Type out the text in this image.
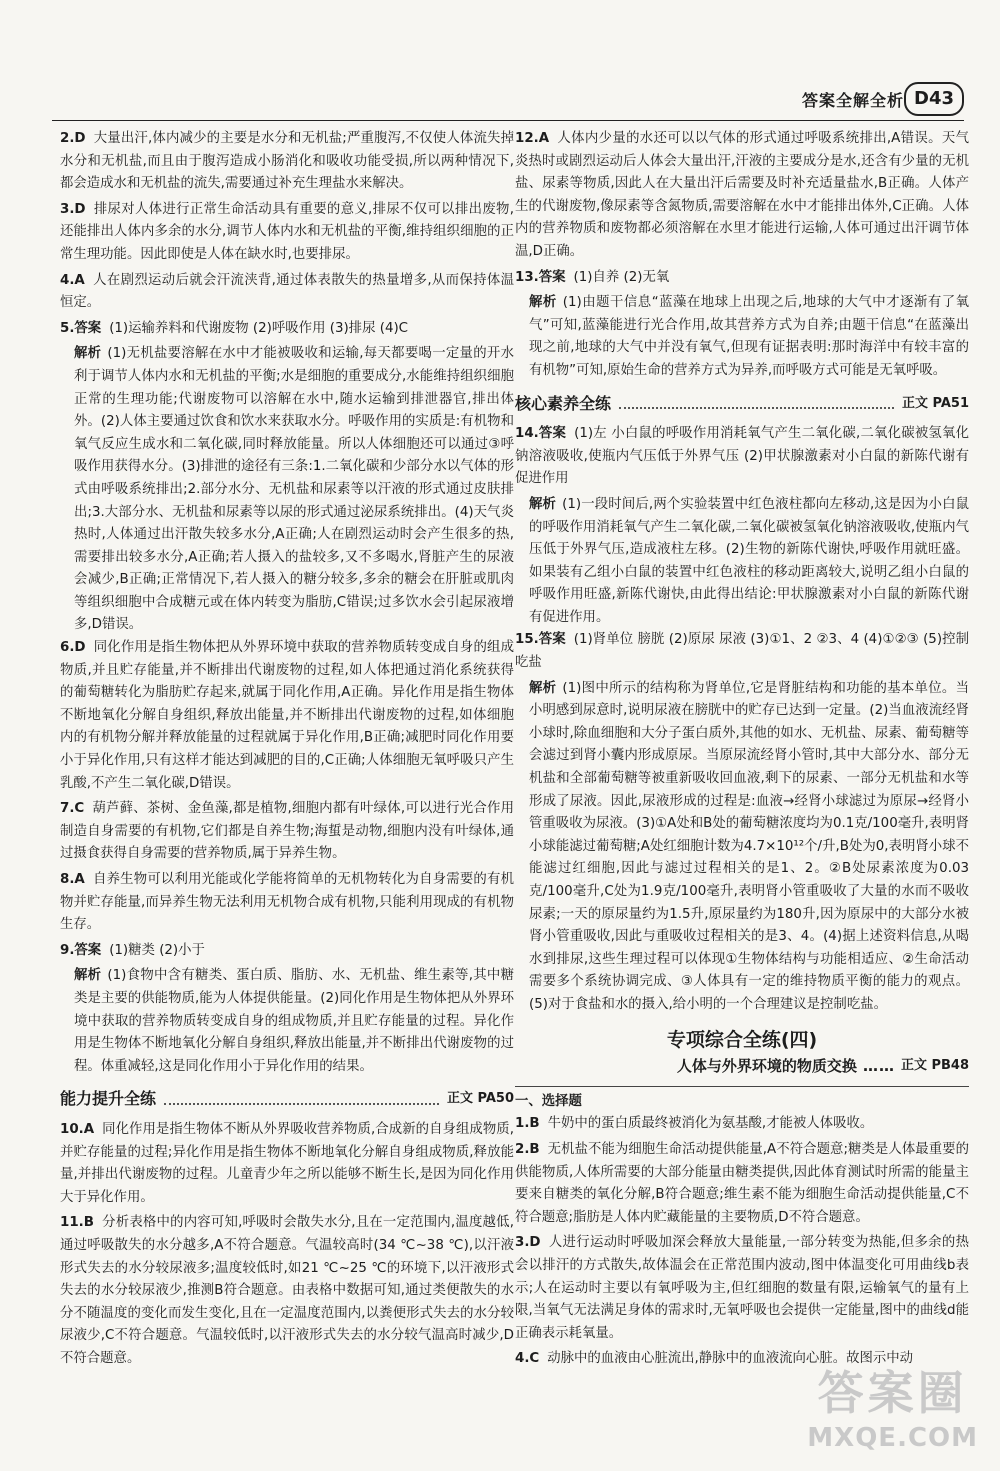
答案全解全析 D43
2.D 大量出汗,体内减少的主要是水分和无机盐;严重腹泻,不仅使人体流失掉水分和无机盐,而且由于腹泻造成小肠消化和吸收功能受损,所以两种情况下,都会造成水和无机盐的流失,需要通过补充生理盐水来解决。
3.D 排尿对人体进行正常生命活动具有重要的意义,排尿不仅可以排出废物,还能排出人体内多余的水分,调节人体内水和无机盐的平衡,维持组织细胞的正常生理功能。因此即使是人体在缺水时,也要排尿。
4.A 人在剧烈运动后就会汗流浃背,通过体表散失的热量增多,从而保持体温恒定。
5.答案 (1)运输养料和代谢废物 (2)呼吸作用 (3)排尿 (4)C
解析 (1)无机盐要溶解在水中才能被吸收和运输,每天都要喝一定量的开水利于调节人体内水和无机盐的平衡;水是细胞的重要成分,水能维持组织细胞正常的生理功能;代谢废物可以溶解在水中,随水运输到排泄器官,排出体外。(2)人体主要通过饮食和饮水来获取水分。呼吸作用的实质是:有机物和氧气反应生成水和二氧化碳,同时释放能量。所以人体细胞还可以通过③呼吸作用获得水分。(3)排泄的途径有三条:1.二氧化碳和少部分水以气体的形式由呼吸系统排出;2.部分水分、无机盐和尿素等以汗液的形式通过皮肤排出;3.大部分水、无机盐和尿素等以尿的形式通过泌尿系统排出。(4)天气炎热时,人体通过出汗散失较多水分,A正确;人在剧烈运动时会产生很多的热,需要排出较多水分,A正确;若人摄入的盐较多,又不多喝水,肾脏产生的尿液会减少,B正确;正常情况下,若人摄入的糖分较多,多余的糖会在肝脏或肌肉等组织细胞中合成糖元或在体内转变为脂肪,C错误;过多饮水会引起尿液增多,D错误。
6.D 同化作用是指生物体把从外界环境中获取的营养物质转变成自身的组成物质,并且贮存能量,并不断排出代谢废物的过程,如人体把通过消化系统获得的葡萄糖转化为脂肪贮存起来,就属于同化作用,A正确。异化作用是指生物体不断地氧化分解自身组织,释放出能量,并不断排出代谢废物的过程,如体细胞内的有机物分解并释放能量的过程就属于异化作用,B正确;减肥时同化作用要小于异化作用,只有这样才能达到减肥的目的,C正确;人体细胞无氧呼吸只产生乳酸,不产生二氧化碳,D错误。
7.C 葫芦藓、茶树、金鱼藻,都是植物,细胞内都有叶绿体,可以进行光合作用制造自身需要的有机物,它们都是自养生物;海蜇是动物,细胞内没有叶绿体,通过摄食获得自身需要的营养物质,属于异养生物。
8.A 自养生物可以利用光能或化学能将简单的无机物转化为自身需要的有机物并贮存能量,而异养生物无法利用无机物合成有机物,只能利用现成的有机物生存。
9.答案 (1)糖类 (2)小于
解析 (1)食物中含有糖类、蛋白质、脂肪、水、无机盐、维生素等,其中糖类是主要的供能物质,能为人体提供能量。(2)同化作用是生物体把从外界环境中获取的营养物质转变成自身的组成物质,并且贮存能量的过程。异化作用是生物体不断地氧化分解自身组织,释放出能量,并不断排出代谢废物的过程。体重减轻,这是同化作用小于异化作用的结果。
能力提升全练	正文 PA50
10.A 同化作用是指生物体不断从外界吸收营养物质,合成新的自身组成物质,并贮存能量的过程;异化作用是指生物体不断地氧化分解自身组成物质,释放能量,并排出代谢废物的过程。儿童青少年之所以能够不断生长,是因为同化作用大于异化作用。
11.B 分析表格中的内容可知,呼吸时会散失水分,且在一定范围内,温度越低,通过呼吸散失的水分越多,A不符合题意。气温较高时(34 ℃~38 ℃),以汗液形式失去的水分较尿液多;温度较低时,如21 ℃~25 ℃的环境下,以汗液形式失去的水分较尿液少,推测B符合题意。由表格中数据可知,通过类便散失的水分不随温度的变化而发生变化,且在一定温度范围内,以粪便形式失去的水分较尿液少,C不符合题意。气温较低时,以汗液形式失去的水分较气温高时减少,D不符合题意。
12.A 人体内少量的水还可以以气体的形式通过呼吸系统排出,A错误。天气炎热时或剧烈运动后人体会大量出汗,汗液的主要成分是水,还含有少量的无机盐、尿素等物质,因此人在大量出汗后需要及时补充适量盐水,B正确。人体产生的代谢废物,像尿素等含氮物质,需要溶解在水中才能排出体外,C正确。人体内的营养物质和废物都必须溶解在水里才能进行运输,人体可通过出汗调节体温,D正确。
13.答案 (1)自养 (2)无氧
解析 (1)由题干信息“蓝藻在地球上出现之后,地球的大气中才逐渐有了氧气”可知,蓝藻能进行光合作用,故其营养方式为自养;由题干信息“在蓝藻出现之前,地球的大气中并没有氧气,但现有证据表明:那时海洋中有较丰富的有机物”可知,原始生命的营养方式为异养,而呼吸方式可能是无氧呼吸。
核心素养全练	正文 PA51
14.答案 (1)左 小白鼠的呼吸作用消耗氧气产生二氧化碳,二氧化碳被氢氧化钠溶液吸收,使瓶内气压低于外界气压 (2)甲状腺激素对小白鼠的新陈代谢有促进作用
解析 (1)一段时间后,两个实验装置中红色液柱都向左移动,这是因为小白鼠的呼吸作用消耗氧气产生二氧化碳,二氧化碳被氢氧化钠溶液吸收,使瓶内气压低于外界气压,造成液柱左移。(2)生物的新陈代谢快,呼吸作用就旺盛。如果装有乙组小白鼠的装置中红色液柱的移动距离较大,说明乙组小白鼠的呼吸作用旺盛,新陈代谢快,由此得出结论:甲状腺激素对小白鼠的新陈代谢有促进作用。
15.答案 (1)肾单位 膀胱 (2)原尿 尿液 (3)①1、2 ②3、4 (4)①②③ (5)控制吃盐
解析 (1)图中所示的结构称为肾单位,它是肾脏结构和功能的基本单位。当小明感到尿意时,说明尿液在膀胱中的贮存已达到一定量。(2)当血液流经肾小球时,除血细胞和大分子蛋白质外,其他的如水、无机盐、尿素、葡萄糖等会滤过到肾小囊内形成原尿。当原尿流经肾小管时,其中大部分水、部分无机盐和全部葡萄糖等被重新吸收回血液,剩下的尿素、一部分无机盐和水等形成了尿液。因此,尿液形成的过程是:血液→经肾小球滤过为原尿→经肾小管重吸收为尿液。(3)①A处和B处的葡萄糖浓度均为0.1克/100毫升,表明肾小球能滤过葡萄糖;A处红细胞计数为4.7×10¹²个/升,B处为0,表明肾小球不能滤过红细胞,因此与滤过过程相关的是1、2。②B处尿素浓度为0.03克/100毫升,C处为1.9克/100毫升,表明肾小管重吸收了大量的水而不吸收尿素;一天的原尿量约为1.5升,原尿量约为180升,因为原尿中的大部分水被肾小管重吸收,因此与重吸收过程相关的是3、4。(4)据上述资料信息,从喝水到排尿,这些生理过程可以体现①生物体结构与功能相适应、②生命活动需要多个系统协调完成、③人体具有一定的维持物质平衡的能力的观点。(5)对于食盐和水的摄入,给小明的一个合理建议是控制吃盐。
专项综合全练(四)
人体与外界环境的物质交换 …… 正文 PB48
一、选择题
1.B 牛奶中的蛋白质最终被消化为氨基酸,才能被人体吸收。
2.B 无机盐不能为细胞生命活动提供能量,A不符合题意;糖类是人体最重要的供能物质,人体所需要的大部分能量由糖类提供,因此体育测试时所需的能量主要来自糖类的氧化分解,B符合题意;维生素不能为细胞生命活动提供能量,C不符合题意;脂肪是人体内贮藏能量的主要物质,D不符合题意。
3.D 人进行运动时呼吸加深会释放大量能量,一部分转变为热能,但多余的热会以排汗的方式散失,故体温会在正常范围内波动,图中体温变化可用曲线b表示;人在运动时主要以有氧呼吸为主,但红细胞的数量有限,运输氧气的量有上限,当氧气无法满足身体的需求时,无氧呼吸也会提供一定能量,图中的曲线d能正确表示耗氧量。
4.C 动脉中的血液由心脏流出,静脉中的血液流向心脏。故图示中动
答案圈
MXQE.COM
